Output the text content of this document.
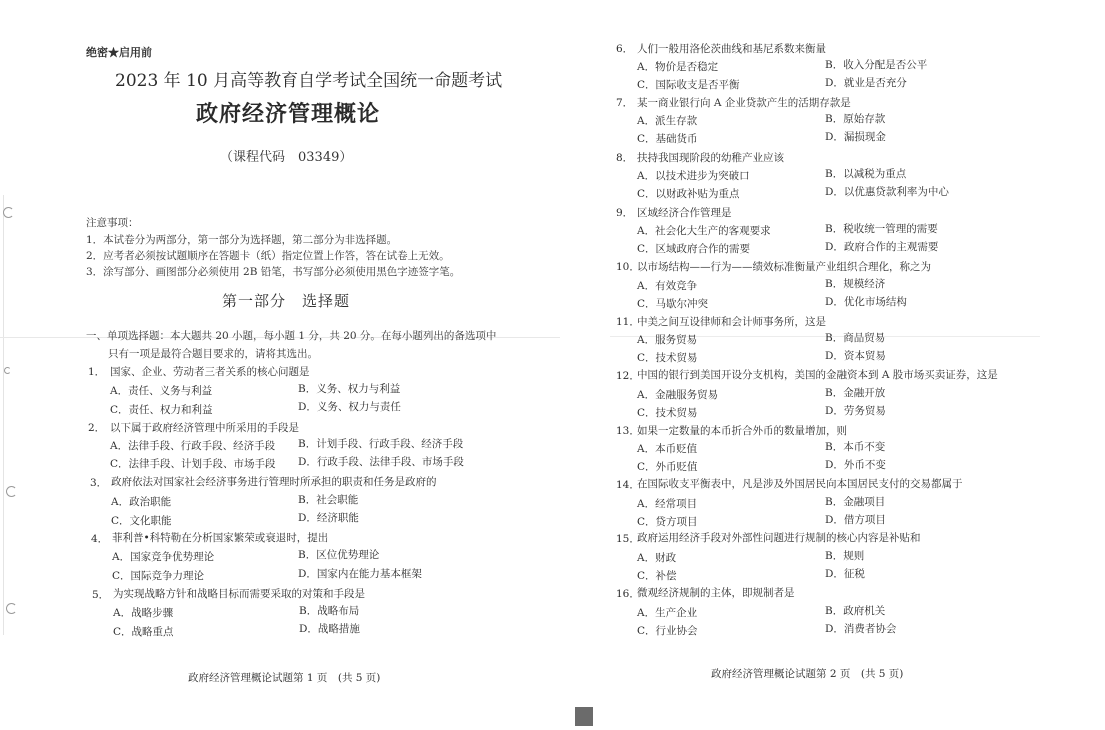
绝密★启用前
2023 年 10 月高等教育自学考试全国统一命题考试
政府经济管理概论
（课程代码　03349）
注意事项：
1．本试卷分为两部分，第一部分为选择题，第二部分为非选择题。
2．应考者必须按试题顺序在答题卡（纸）指定位置上作答，答在试卷上无效。
3．涂写部分、画图部分必须使用 2B 铅笔，书写部分必须使用黑色字迹签字笔。
第一部分　选择题
一、单项选择题：本大题共 20 小题，每小题 1 分，共 20 分。在每小题列出的备选项中
只有一项是最符合题目要求的，请将其选出。
1． 国家、企业、劳动者三者关系的核心问题是
A．责任、义务与利益	B．义务、权力与利益
C．责任、权力和利益	D．义务、权力与责任
2． 以下属于政府经济管理中所采用的手段是
A．法律手段、行政手段、经济手段 B．计划手段、行政手段、经济手段
C．法律手段、计划手段、市场手段 D．行政手段、法律手段、市场手段
3． 政府依法对国家社会经济事务进行管理时所承担的职责和任务是政府的
A．政治职能	B．社会职能
C．文化职能	D．经济职能
4． 菲利普•科特勒在分析国家繁荣或衰退时，提出
A．国家竞争优势理论	B．区位优势理论
C．国际竞争力理论	D．国家内在能力基本框架
5． 为实现战略方针和战略目标而需要采取的对策和手段是
A．战略步骤	B．战略布局
C．战略重点	D．战略措施
政府经济管理概论试题第 1 页　(共 5 页)
6． 人们一般用洛伦茨曲线和基尼系数来衡量
A．物价是否稳定	B．收入分配是否公平
C．国际收支是否平衡	D．就业是否充分
7． 某一商业银行向 A 企业贷款产生的活期存款是
A．派生存款	B．原始存款
C．基础货币	D．漏损现金
8． 扶持我国现阶段的幼稚产业应该
A．以技术进步为突破口	B．以减税为重点
C．以财政补贴为重点	D．以优惠贷款利率为中心
9． 区域经济合作管理是
A．社会化大生产的客观要求	B．税收统一管理的需要
C．区域政府合作的需要	D．政府合作的主观需要
10．
以市场结构——行为——绩效标准衡量产业组织合理化，称之为
A．有效竞争	B．规模经济
C．马歇尔冲突	D．优化市场结构
11．
中美之间互设律师和会计师事务所，这是
A．服务贸易	B．商品贸易
C．技术贸易	D．资本贸易
12．
中国的银行到美国开设分支机构，美国的金融资本到 A 股市场买卖证券，这是
A．金融服务贸易	B．金融开放
C．技术贸易	D．劳务贸易
13．
如果一定数量的本币折合外币的数量增加，则
A．本币贬值	B．本币不变
C．外币贬值	D．外币不变
14．
在国际收支平衡表中，凡是涉及外国居民向本国居民支付的交易都属于
A．经常项目	B．金融项目
C．贷方项目	D．借方项目
15．
政府运用经济手段对外部性问题进行规制的核心内容是补贴和
A．财政	B．规则
C．补偿	D．征税
16．
微观经济规制的主体，即规制者是
A．生产企业	B．政府机关
C．行业协会	D．消费者协会
政府经济管理概论试题第 2 页　(共 5 页)
